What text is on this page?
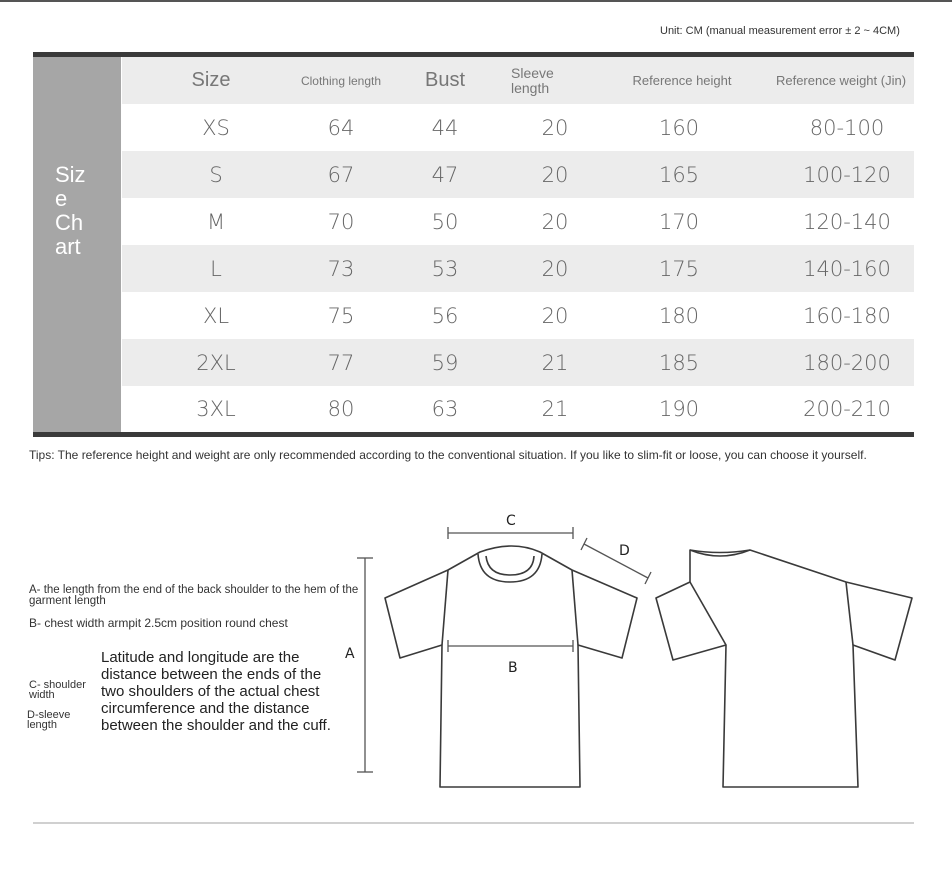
Unit: CM (manual measurement error ± 2 ~ 4CM)
Siz
e
Ch
art
Size	Clothing length	Bust	Sleeve length	Reference height	Reference weight (Jin)
XS	64	44	20	160	80-100
S	67	47	20	165	100-120
M	70	50	20	170	120-140
L	73	53	20	175	140-160
XL	75	56	20	180	160-180
2XL	77	59	21	185	180-200
3XL	80	63	21	190	200-210
Tips: The reference height and weight are only recommended according to the conventional situation. If you like to slim-fit or loose, you can choose it yourself.
A- the length from the end of the back shoulder to the hem of the garment length
B- chest width armpit 2.5cm position round chest
C- shoulder width
D-sleeve length
Latitude and longitude are the distance between the ends of the two shoulders of the actual chest circumference and the distance between the shoulder and the cuff.
A
B
C
D
